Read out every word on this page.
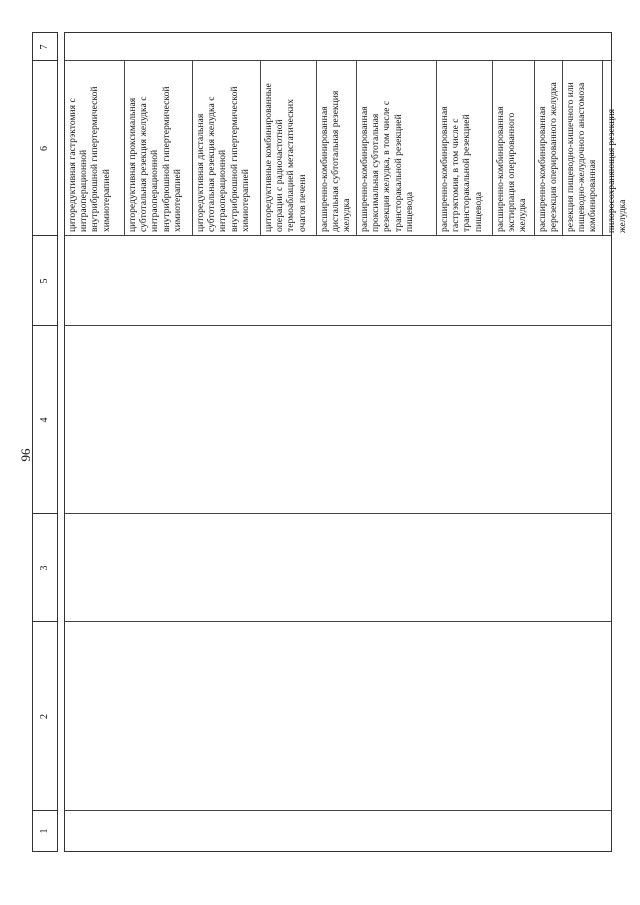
96
1
2
3
4
5
6
7
циторедуктивная гастрэктомия с интраоперационной внутрибрюшной гипертермической химиотерапией циторедуктивная проксимальная субтотальная резекция желудка с интраоперационной внутрибрюшной гипертермической химиотерапией циторедуктивная дистальная субтотальная резекция желудка с интраоперационной внутрибрюшной гипертермической химиотерапией циторедуктивные комбинированные операции с радиочастотной термоаблацией метастатических очагов печени расширенно-комбинированная дистальная субтотальная резекция желудка расширенно-комбинированная проксимальная субтотальная резекция желудка, в том числе с трансторакальной резекцией пищевода	расширенно-комбинированная гастрэктомия, в том числе с трансторакальной резекцией пищевода расширенно-комбинированная экстирпация оперированного желудка расширенно-комбинированная ререзекция оперированного желудка резекция пищеводно-кишечного или пищеводно-желудочного анастомоза комбинированная пилоросохраняющая резекция желудка
